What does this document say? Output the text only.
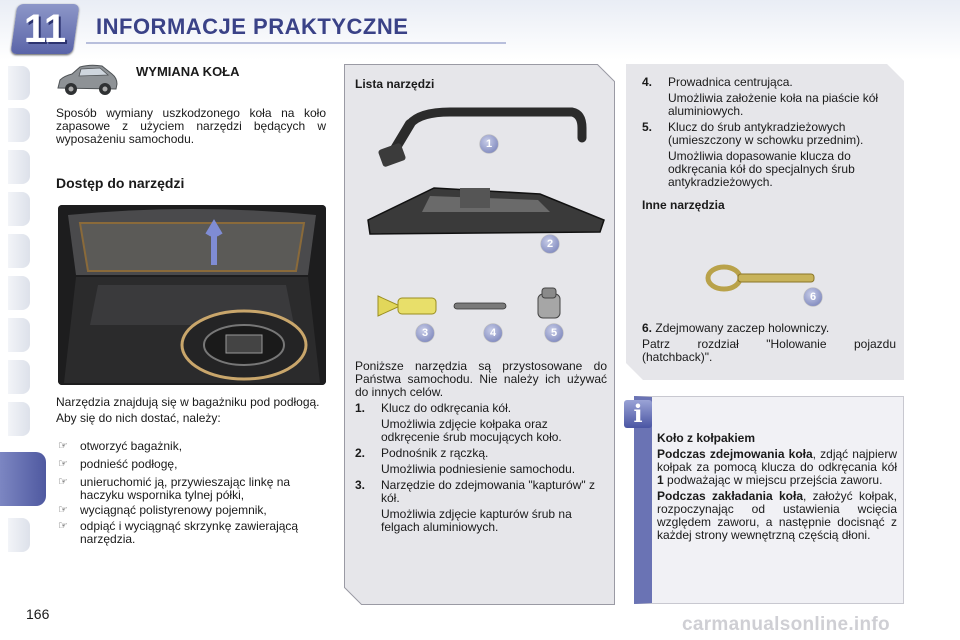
11	INFORMACJE PRAKTYCZNE
WYMIANA KOŁA
Sposób wymiany uszkodzonego koła na koło zapasowe z użyciem narzędzi będących w wyposażeniu samochodu.
Dostęp do narzędzi

Narzędzia znajdują się w bagażniku pod podłogą.

Aby się do nich dostać, należy:

☞	otworzyć bagażnik,
☞	podnieść podłogę,
☞	unieruchomić ją, przywieszając linkę na haczyku wspornika tylnej półki,
☞	wyciągnąć polistyrenowy pojemnik,
☞	odpiąć i wyciągnąć skrzynkę zawierającą narzędzia.
Lista narzędzi
1
2
3	4	5

Poniższe narzędzia są przystosowane do Państwa samochodu. Nie należy ich używać do innych celów.

1. Klucz do odkręcania kół.
Umożliwia zdjęcie kołpaka oraz odkręcenie śrub mocujących koło.
2. Podnośnik z rączką.
Umożliwia podniesienie samochodu.
3. Narzędzie do zdejmowania "kapturów" z kół.
Umożliwia zdjęcie kapturów śrub na felgach aluminiowych.
4. Prowadnica centrująca.
Umożliwia założenie koła na piaście kół aluminiowych.
5. Klucz do śrub antykradzieżowych (umieszczony w schowku przednim).
Umożliwia dopasowanie klucza do odkręcania kół do specjalnych śrub antykradzieżowych.

Inne narzędzia

6

6. Zdejmowany zaczep holowniczy.

Patrz rozdział "Holowanie pojazdu (hatchback)".

i

Koło z kołpakiem

Podczas zdejmowania koła, zdjąć najpierw kołpak za pomocą klucza do odkręcania kół 1 podważając w miejscu przejścia zaworu.

Podczas zakładania koła, założyć kołpak, rozpoczynając od ustawienia wcięcia względem zaworu, a następnie docisnąć z każdej strony wewnętrzną częścią dłoni.

166	carmanualsonline.info
